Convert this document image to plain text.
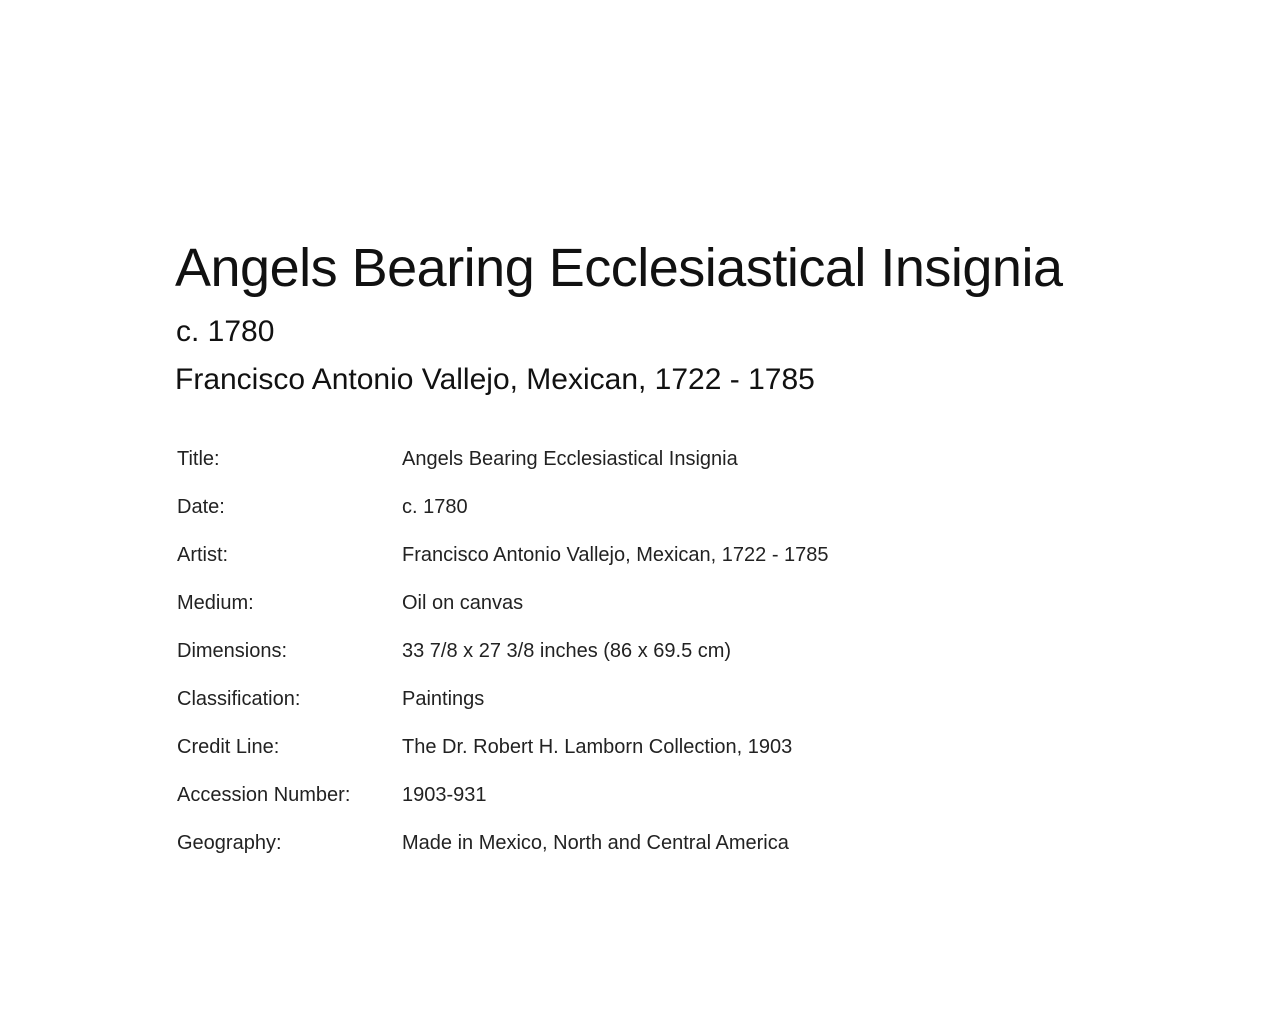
Angels Bearing Ecclesiastical Insignia
c. 1780
Francisco Antonio Vallejo, Mexican, 1722 - 1785
Title:	Angels Bearing Ecclesiastical Insignia
Date:	c. 1780
Artist:	Francisco Antonio Vallejo, Mexican, 1722 - 1785
Medium:	Oil on canvas
Dimensions:	33 7/8 x 27 3/8 inches (86 x 69.5 cm)
Classification:	Paintings
Credit Line:	The Dr. Robert H. Lamborn Collection, 1903
Accession Number:	1903-931
Geography:	Made in Mexico, North and Central America
